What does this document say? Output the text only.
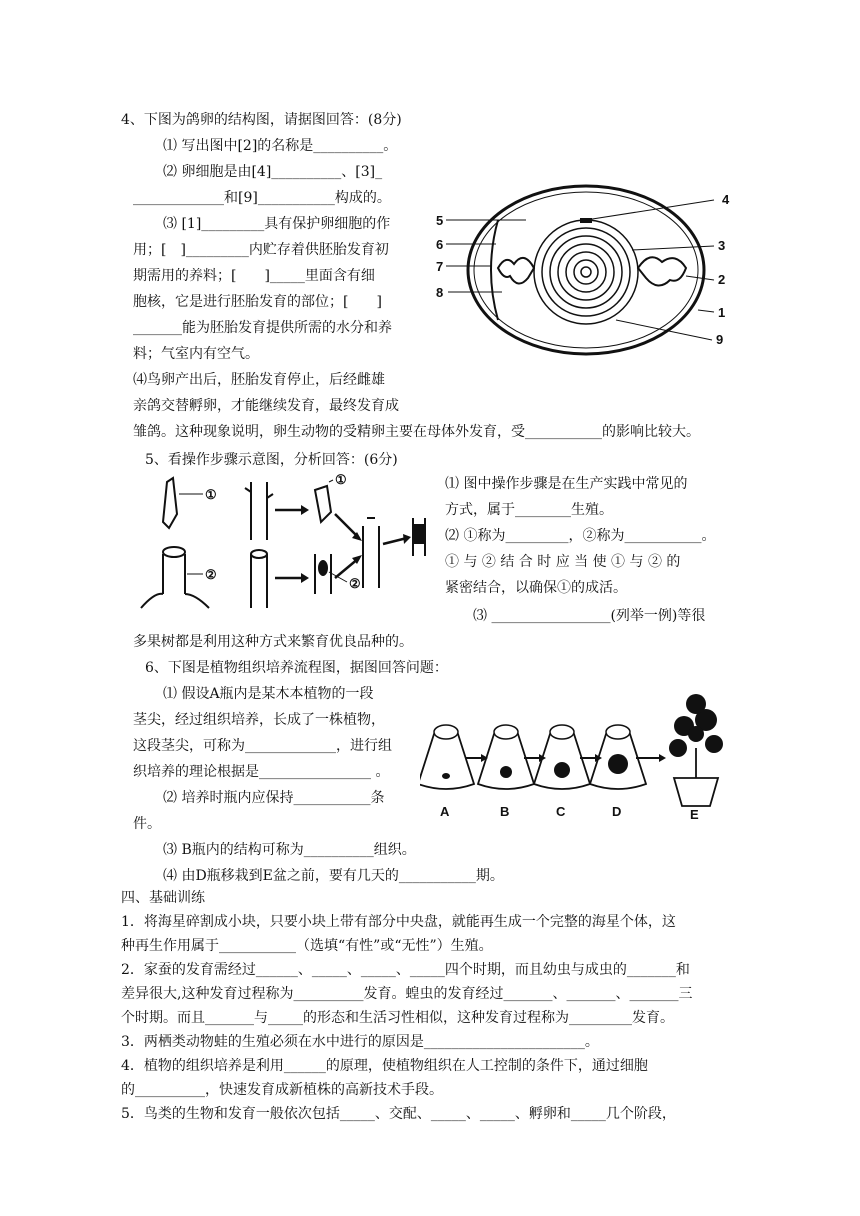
4、下图为鸽卵的结构图，请据图回答：(8分)
⑴ 写出图中[2]的名称是__________。
⑵ 卵细胞是由[4]__________、[3]_
_____________和[9]___________构成的。
⑶ [1]_________具有保护卵细胞的作
用；[　]_________内贮存着供胚胎发育初
期需用的养料；[　　]_____里面含有细
胞核，它是进行胚胎发育的部位；[　　]
_______能为胚胎发育提供所需的水分和养
料；气室内有空气。
⑷鸟卵产出后，胚胎发育停止，后经雌雄
亲鸽交替孵卵，才能继续发育，最终发育成
雏鸽。这种现象说明，卵生动物的受精卵主要在母体外发育，受___________的影响比较大。
4
5
6	3
7
2
8
1
9
5、看操作步骤示意图，分析回答：(6分)
⑴ 图中操作步骤是在生产实践中常见的
方式，属于________生殖。
⑵ ①称为_________，②称为___________。
① 与 ② 结 合 时 应 当 使 ① 与 ② 的
紧密结合，以确保①的成活。
⑶ _________________(列举一例)等很
多果树都是利用这种方式来繁育优良品种的。
①
②
①
②
6、下图是植物组织培养流程图，据图回答问题：
⑴ 假设A瓶内是某木本植物的一段
茎尖，经过组织培养，长成了一株植物，
这段茎尖，可称为_____________，进行组
织培养的理论根据是________________ 。
⑵ 培养时瓶内应保持___________条
件。
⑶ B瓶内的结构可称为__________组织。
⑷ 由D瓶移栽到E盆之前，要有几天的___________期。
A	B	C	D	E
四、基础训练
1．将海星碎割成小块，只要小块上带有部分中央盘，就能再生成一个完整的海星个体，这
种再生作用属于___________（选填“有性”或“无性”）生殖。
2．家蚕的发育需经过______、_____、_____、_____四个时期，而且幼虫与成虫的_______和
差异很大,这种发育过程称为__________发育。蝗虫的发育经过_______、_______、_______三
个时期。而且_______与_____的形态和生活习性相似，这种发育过程称为_________发育。
3．两栖类动物蛙的生殖必须在水中进行的原因是_______________________。
4．植物的组织培养是利用______的原理，使植物组织在人工控制的条件下，通过细胞
的__________，快速发育成新植株的高新技术手段。
5．鸟类的生物和发育一般依次包括_____、交配、_____、_____、孵卵和_____几个阶段，
